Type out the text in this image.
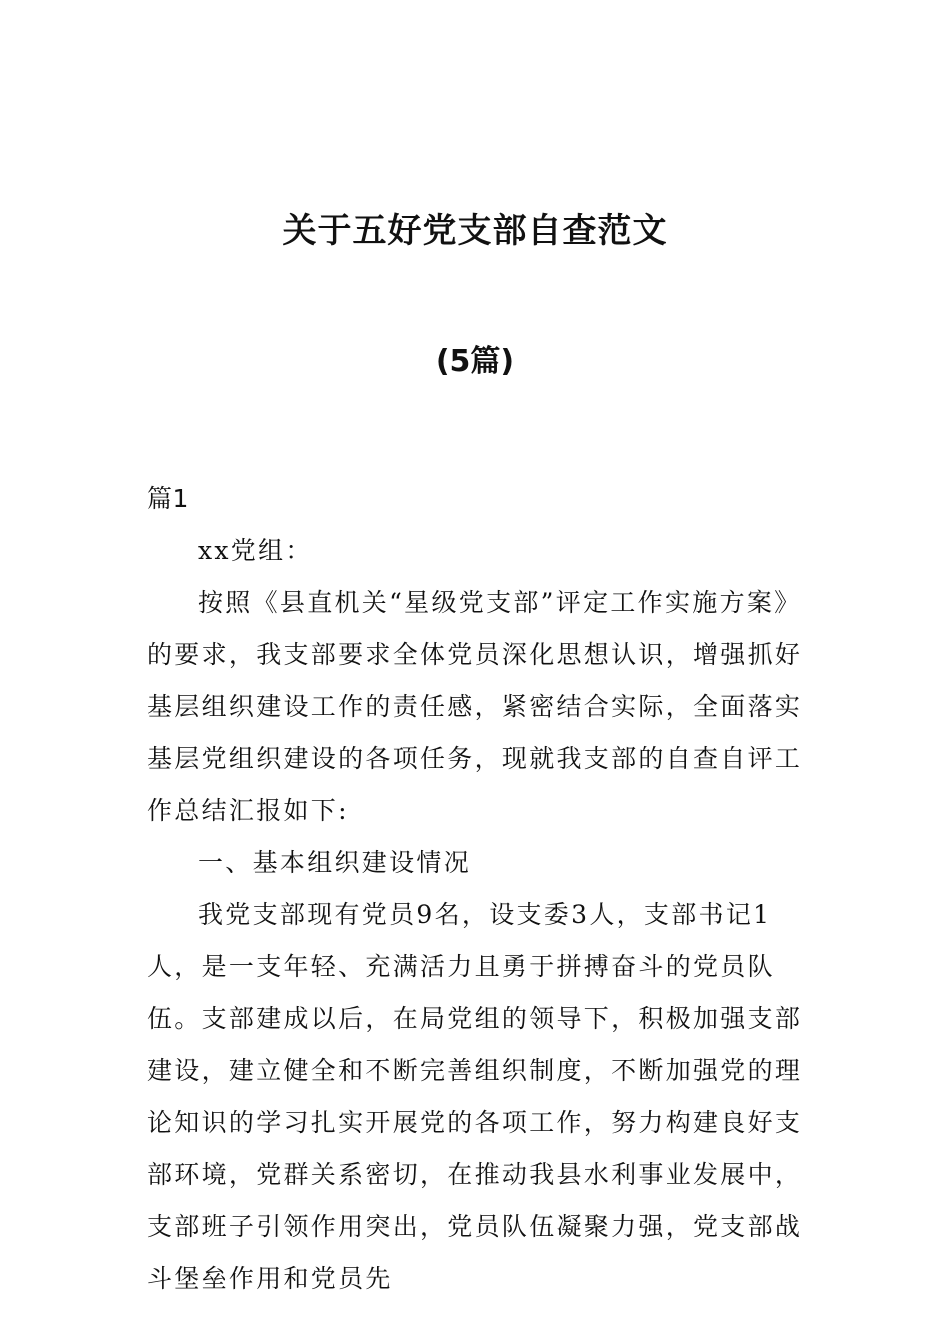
关于五好党支部自查范文
(5篇)

篇1

xx党组：

按照《县直机关“星级党支部”评定工作实施方案》的要求，我支部要求全体党员深化思想认识，增强抓好基层组织建设工作的责任感，紧密结合实际，全面落实基层党组织建设的各项任务，现就我支部的自查自评工作总结汇报如下:

一、基本组织建设情况

我党支部现有党员9名，设支委3人，支部书记1人，是一支年轻、充满活力且勇于拼搏奋斗的党员队伍。支部建成以后，在局党组的领导下，积极加强支部建设，建立健全和不断完善组织制度，不断加强党的理论知识的学习扎实开展党的各项工作，努力构建良好支部环境，党群关系密切，在推动我县水利事业发展中，支部班子引领作用突出，党员队伍凝聚力强，党支部战斗堡垒作用和党员先
